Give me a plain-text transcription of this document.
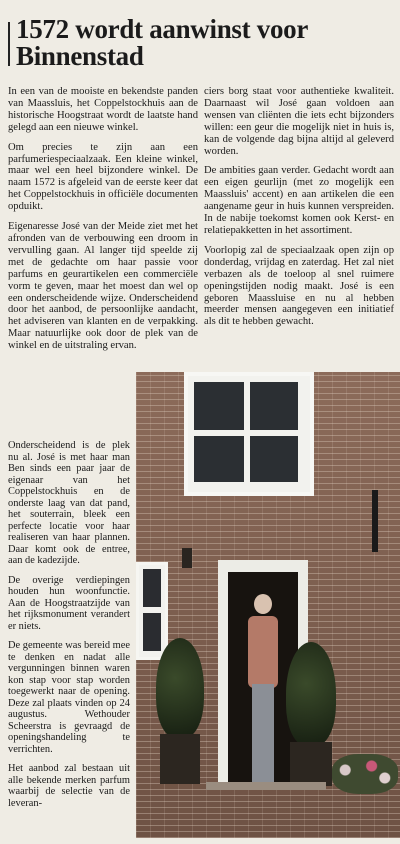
1572 wordt aanwinst voor Binnenstad

In een van de mooiste en bekendste panden van Maassluis, het Coppelstockhuis aan de historische Hoogstraat wordt de laatste hand gelegd aan een nieuwe winkel.

Om precies te zijn aan een parfumeriespeciaalzaak. Een kleine winkel, maar wel een heel bijzondere winkel. De naam 1572 is afgeleid van de eerste keer dat het Coppelstockhuis in officiële documenten opduikt.

Eigenaresse José van der Meide ziet met het afronden van de verbouwing een droom in vervulling gaan. Al langer tijd speelde zij met de gedachte om haar passie voor parfums en geurartikelen een commerciële vorm te geven, maar het moest dan wel op een onderscheidende wijze. Onderscheidend door het aanbod, de persoonlijke aandacht, het adviseren van klanten en de verpakking. Maar natuurlijke ook door de plek van de winkel en de uitstraling ervan.

ciers borg staat voor authentieke kwaliteit. Daarnaast wil José gaan voldoen aan wensen van cliënten die iets echt bijzonders willen: een geur die mogelijk niet in huis is, kan de volgende dag bijna altijd al geleverd worden.

De ambities gaan verder. Gedacht wordt aan een eigen geurlijn (met zo mogelijk een Maassluis' accent) en aan artikelen die een aangename geur in huis kunnen verspreiden. In de nabije toekomst komen ook Kerst- en relatiepakketten in het assortiment.

Voorlopig zal de speciaalzaak open zijn op donderdag, vrijdag en zaterdag. Het zal niet verbazen als de toeloop al snel ruimere openingstijden nodig maakt. José is een geboren Maassluise en nu al hebben meerder mensen aangegeven een initiatief als dit te hebben gewacht.

Onderscheidend is de plek nu al. José is met haar man Ben sinds een paar jaar de eigenaar van het Coppelstockhuis en de onderste laag van dat pand, het souterrain, bleek een perfecte locatie voor haar realiseren van haar plannen. Daar komt ook de entree, aan de kadezijde.

De overige verdiepingen houden hun woonfunctie. Aan de Hoogstraatzijde van het rijksmonument verandert er niets.

De gemeente was bereid mee te denken en nadat alle vergunningen binnen waren kon stap voor stap worden toegewerkt naar de opening. Deze zal plaats vinden op 24 augustus. Wethouder Scheerstra is gevraagd de openingshandeling te verrichten.

Het aanbod zal bestaan uit alle bekende merken parfum waarbij de selectie van de leveran-
